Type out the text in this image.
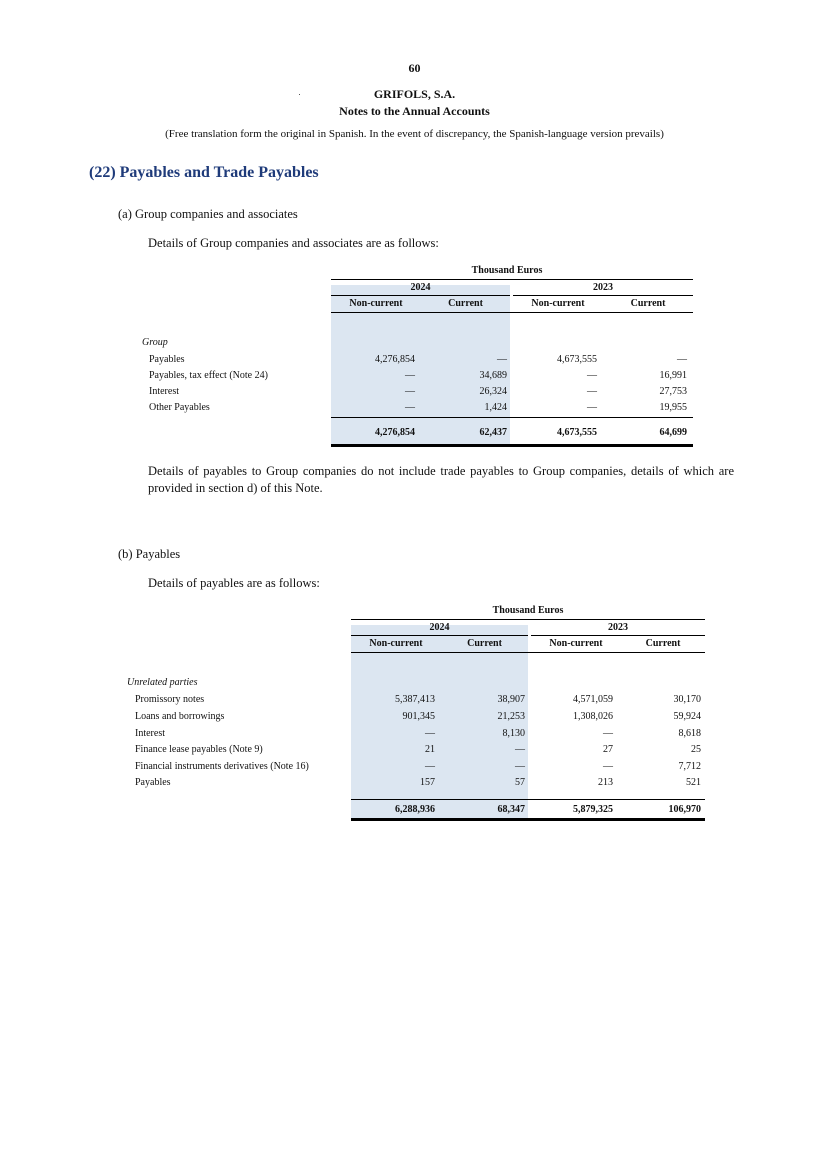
60
GRIFOLS, S.A.
Notes to the Annual Accounts
(Free translation form the original in Spanish. In the event of discrepancy, the Spanish-language version prevails)
(22) Payables and Trade Payables
(a) Group companies and associates
Details of Group companies and associates are as follows:
Thousand Euros
2024	2023
Non-current	Current	Non-current	Current
Group
Payables	4,276,854	—	4,673,555	—
Payables, tax effect (Note 24)	—	34,689	—	16,991
Interest	—	26,324	—	27,753
Other Payables	—	1,424	—	19,955
4,276,854	62,437	4,673,555	64,699
Details of payables to Group companies do not include trade payables to Group companies, details of which are provided in section d) of this Note.
(b) Payables
Details of payables are as follows:
Thousand Euros
2024	2023
Non-current	Current	Non-current	Current
Unrelated parties
Promissory notes	5,387,413	38,907	4,571,059	30,170
Loans and borrowings	901,345	21,253	1,308,026	59,924
Interest	—	8,130	—	8,618
Finance lease payables (Note 9)	21	—	27	25
Financial instruments derivatives (Note 16)	—	—	—	7,712
Payables	157	57	213	521
6,288,936	68,347	5,879,325	106,970
